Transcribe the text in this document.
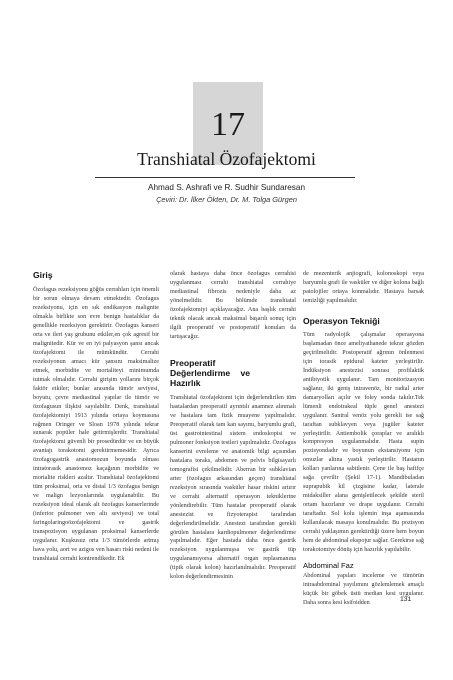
17
Transhiatal Özofajektomi
Ahmad S. Ashrafi ve R. Sudhir Sundaresan
Çeviri: Dr. İlker Ökten, Dr. M. Tolga Gürgen
Giriş

Özofagus rezeksiyonu göğüs cerrahları için önemli bir sorun olmaya devam etmektedir. Özofagus rezeksiyonu, için en sık endikasyon malignite olmakla birlikte son evre benign hastalıklar da genellikle rezeksiyon gerektirir. Özofagus kanseri orta ve ileri yaş grubunu etkiler,en çok agresif bir malignitedir. Kür ve en iyi palyasyon şansı ancak özofajektomi ile mümkündür. Cerrahi rezeksiyonun amacı kür şansını maksimalize etmek, morbidite ve mortaliteyi minimumda tutmak olmalıdır. Cerrahi girişim yollarını birçok faktör etkiler; bunlar arasında tümör seviyesi, boyutu, çevre mediastinal yapılar ile tümör ve özofagusun ilişkisi sayılabilir. Denk, transhiatal özofajektomiyi 1913 yılında ortaya koymasına rağmen Oringer ve Sloan 1978 yılında tekrar sunarak popüler hale getirmişlerdir. Transhiatal özofajektomi güvenli bir prosedürdür ve en büyük avantajı torakotomi gerektirmemesidir. Ayrıca özofagogastrik anastomozun boyunda olması intratorasik anastomoz kaçağının morbidite ve mortalite riskleri azaltır. Transhiatal özofajektomi tüm proksimal, orta ve distal 1/3 özofagus benign ve malign lezyonlarında uygulanabilir. Bu rezeksiyon ideal olarak alt özofagus kanserlerinde (inferior pulmoner ven altı seviyesi) ve total faringolaringoözofajektomi ve gastrik transpozisyon uygulanan proksimal kanserlerde uygulanır. Kuşkusuz orta 1/3 tümörlerde artmış hava yolu, aort ve azigos ven hasarı riski nedeni ile transhiatal cerrahi kontrendikedir. Ek

olarak hastaya daha önce özofagus cerrahisi uygulanması cerrahi transhiatal cerrahiye mediastinal fibrozis nedeniyle daha az yönelmelidir. Bu bölümde transhiatal özofajektomiyi açıklayacağız. Ana başlık cerrahi teknik olacak ancak maksimal başarılı sonuç için ilgili preoperatif ve postoperatif konuları da tartışacağız.

Preoperatif Değerlendirme ve Hazırlık

Transhiatal özofajektomi için değerlendirilen tüm hastalardan preoperatif ayrıntılı anamnez alınmalı ve hastalara tam fizik muayene yapılmalıdır. Preoperatif olarak tam kan sayımı, baryumlu grafi, üst gastrointestinal sistem endoskopisi ve pulmoner fonksiyon testleri yapılmalıdır. Özofagus kanserini evreleme ve anatomik bilgi açısından hastalara toraks, abdomen ve pelvis bilgisayarlı tomografisi çekilmelidir. Aberran bir subklavian arter (özofagus arkasından geçen) transhiatal rezeksiyon sırasında vasküler hasar riskini artırır ve cerrahi alternatif operasyon tekniklerine yönlendirebilir. Tüm hastalar preoperatif olarak anestezist ve fizyoterapist tarafından değerlendirilmelidir. Anestezi tarafından gerekli görülen hastalara kardiopulmoner değerlendirme yapılmalıdır. Eğer hastada daha önce gastrik rezeksiyon uygulanmışsa ve gastrik tüp uygulanamıyorsa alternatif organ replasmanına (tipik olarak kolon) hazırlanılmalıdır. Preoperatif kolon değerlendirmesinin

de mezenterik anjiografi, kolonoskopi veya baryumlu grafi ile vasküler ve diğer kolona bağlı patolojiler ortaya konmalıdır. Hastaya barsak temizliği yapılmalıdır.

Operasyon Tekniği

Tüm radyolojik çalışmalar operasyona başlamadan önce ameliyathanede tekrar gözden geçirilmelidir. Postoperatif ağrının önlenmesi için torasik epidural kateter yerleştirilir. İndüksiyon anestezisi sonrası profilaktik antibiyotik uygulanır. Tam monitorizasyon sağlanır, iki geniş intravenöz, bir radial arter damaryolları açılır ve foley sonda takılır.Tek lümenli endotrakeal tüple genel anestezi uygulanır. Santral venöz yolu gerekli ise sağ taraftan subklavyen veya jugüler kateter yerleştirilir. Antiembolik çoraplar ve aralıklı kompresyon uygulanmalıdır. Hasta supin pozisyondadır ve boyunun ekstansiyonu için omuzlar altına yastık yerleştirilir. Hastanın kolları yanlarına sabitlenir. Çene ile baş hafifçe sağa çevrilir (Şekil 17-1). Mandibuladan suprapubik kil çizgisine kadar, laterale midaksiller alana genişletilecek şekilde steril ortam hazırlanır ve drape uygulanır. Cerrahi taraftadır. Sol kolu işlemin inşa aşamasında kullanılacak masaya konulmalıdır. Bu pozisyon cerrahi yaklaşımın gerektirdiği üzere hem boyun hem de abdominal ekspojur sağlar. Gerekirse sağ torakotomiye dönüş için hazırlık yapılabilir.

Abdominal Faz

Abdominal yapıları inceleme ve tümörün intraabdominal yayılımını gözlemlemek amaçlı küçük bir göbek üstü median kesi uygulanır. Daha sonra kesi ksifoidden	131
